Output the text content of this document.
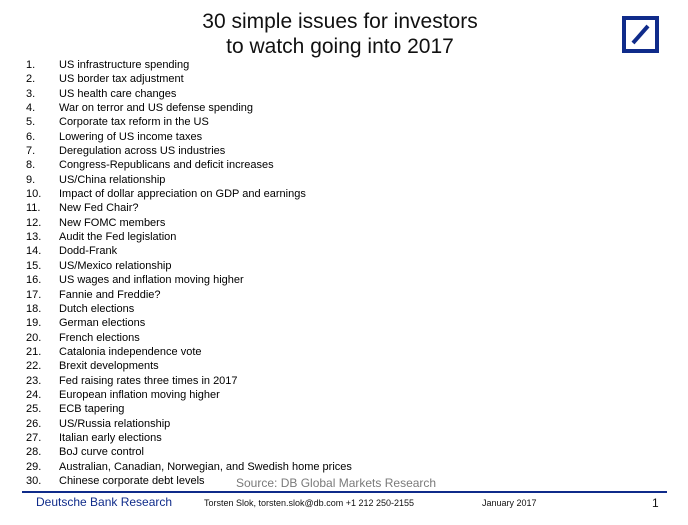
30 simple issues for investors
to watch going into 2017
1. US infrastructure spending
2. US border tax adjustment
3. US health care changes
4. War on terror and US defense spending
5. Corporate tax reform in the US
6. Lowering of US income taxes
7. Deregulation across US industries
8. Congress-Republicans and deficit increases
9. US/China relationship
10. Impact of dollar appreciation on GDP and earnings
11. New Fed Chair?
12. New FOMC members
13. Audit the Fed legislation
14. Dodd-Frank
15. US/Mexico relationship
16. US wages and inflation moving higher
17. Fannie and Freddie?
18. Dutch elections
19. German elections
20. French elections
21. Catalonia independence vote
22. Brexit developments
23. Fed raising rates three times in 2017
24. European inflation moving higher
25. ECB tapering
26. US/Russia relationship
27. Italian early elections
28. BoJ curve control
29. Australian, Canadian, Norwegian, and Swedish home prices
30. Chinese corporate debt levels	Source: DB Global Markets Research
Deutsche Bank Research	Torsten Slok, torsten.slok@db.com +1 212 250-2155	January 2017	1
